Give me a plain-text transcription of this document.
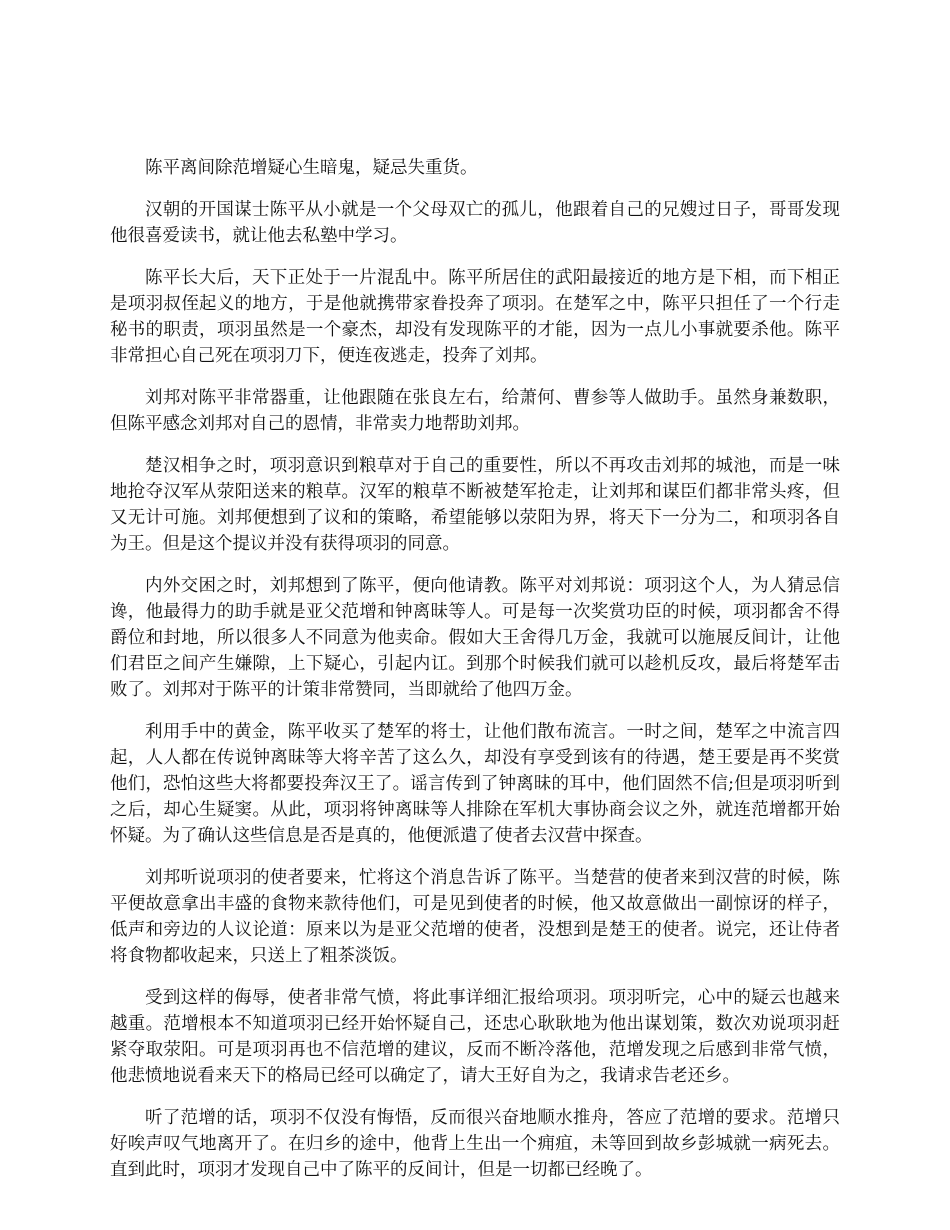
陈平离间除范增疑心生暗鬼，疑忌失重货。

汉朝的开国谋士陈平从小就是一个父母双亡的孤儿，他跟着自己的兄嫂过日子，哥哥发现他很喜爱读书，就让他去私塾中学习。

陈平长大后，天下正处于一片混乱中。陈平所居住的武阳最接近的地方是下相，而下相正是项羽叔侄起义的地方，于是他就携带家眷投奔了项羽。在楚军之中，陈平只担任了一个行走秘书的职责，项羽虽然是一个豪杰，却没有发现陈平的才能，因为一点儿小事就要杀他。陈平非常担心自己死在项羽刀下，便连夜逃走，投奔了刘邦。

刘邦对陈平非常器重，让他跟随在张良左右，给萧何、曹参等人做助手。虽然身兼数职，但陈平感念刘邦对自己的恩情，非常卖力地帮助刘邦。

楚汉相争之时，项羽意识到粮草对于自己的重要性，所以不再攻击刘邦的城池，而是一味地抢夺汉军从荥阳送来的粮草。汉军的粮草不断被楚军抢走，让刘邦和谋臣们都非常头疼，但又无计可施。刘邦便想到了议和的策略，希望能够以荥阳为界，将天下一分为二，和项羽各自为王。但是这个提议并没有获得项羽的同意。

内外交困之时，刘邦想到了陈平，便向他请教。陈平对刘邦说：项羽这个人，为人猜忌信谗，他最得力的助手就是亚父范增和钟离昧等人。可是每一次奖赏功臣的时候，项羽都舍不得爵位和封地，所以很多人不同意为他卖命。假如大王舍得几万金，我就可以施展反间计，让他们君臣之间产生嫌隙，上下疑心，引起内讧。到那个时候我们就可以趁机反攻，最后将楚军击败了。刘邦对于陈平的计策非常赞同，当即就给了他四万金。

利用手中的黄金，陈平收买了楚军的将士，让他们散布流言。一时之间，楚军之中流言四起，人人都在传说钟离昧等大将辛苦了这么久，却没有享受到该有的待遇，楚王要是再不奖赏他们，恐怕这些大将都要投奔汉王了。谣言传到了钟离昧的耳中，他们固然不信;但是项羽听到之后，却心生疑窦。从此，项羽将钟离昧等人排除在军机大事协商会议之外，就连范增都开始怀疑。为了确认这些信息是否是真的，他便派遣了使者去汉营中探查。

刘邦听说项羽的使者要来，忙将这个消息告诉了陈平。当楚营的使者来到汉营的时候，陈平便故意拿出丰盛的食物来款待他们，可是见到使者的时候，他又故意做出一副惊讶的样子，低声和旁边的人议论道：原来以为是亚父范增的使者，没想到是楚王的使者。说完，还让侍者将食物都收起来，只送上了粗茶淡饭。

受到这样的侮辱，使者非常气愤，将此事详细汇报给项羽。项羽听完，心中的疑云也越来越重。范增根本不知道项羽已经开始怀疑自己，还忠心耿耿地为他出谋划策，数次劝说项羽赶紧夺取荥阳。可是项羽再也不信范增的建议，反而不断冷落他，范增发现之后感到非常气愤，他悲愤地说看来天下的格局已经可以确定了，请大王好自为之，我请求告老还乡。

听了范增的话，项羽不仅没有悔悟，反而很兴奋地顺水推舟，答应了范增的要求。范增只好唉声叹气地离开了。在归乡的途中，他背上生出一个痈疽，未等回到故乡彭城就一病死去。直到此时，项羽才发现自己中了陈平的反间计，但是一切都已经晚了。
